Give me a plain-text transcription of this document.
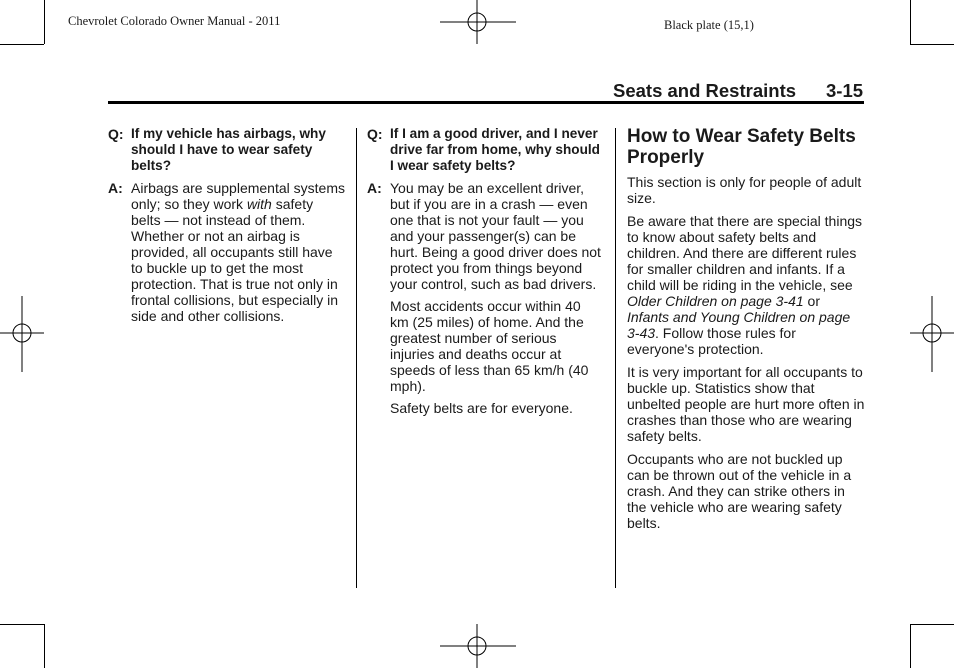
Chevrolet Colorado Owner Manual - 2011	Black plate (15,1)
Seats and Restraints 3-15
Q: If my vehicle has airbags, why should I have to wear safety belts?
A: Airbags are supplemental systems only; so they work with safety belts — not instead of them. Whether or not an airbag is provided, all occupants still have to buckle up to get the most protection. That is true not only in frontal collisions, but especially in side and other collisions.
Q: If I am a good driver, and I never drive far from home, why should I wear safety belts?
A: You may be an excellent driver, but if you are in a crash — even one that is not your fault — you and your passenger(s) can be hurt. Being a good driver does not protect you from things beyond your control, such as bad drivers.
Most accidents occur within 40 km (25 miles) of home. And the greatest number of serious injuries and deaths occur at speeds of less than 65 km/h (40 mph).
Safety belts are for everyone.
How to Wear Safety Belts Properly
This section is only for people of adult size.
Be aware that there are special things to know about safety belts and children. And there are different rules for smaller children and infants. If a child will be riding in the vehicle, see Older Children on page 3-41 or Infants and Young Children on page 3-43. Follow those rules for everyone's protection.
It is very important for all occupants to buckle up. Statistics show that unbelted people are hurt more often in crashes than those who are wearing safety belts.
Occupants who are not buckled up can be thrown out of the vehicle in a crash. And they can strike others in the vehicle who are wearing safety belts.
